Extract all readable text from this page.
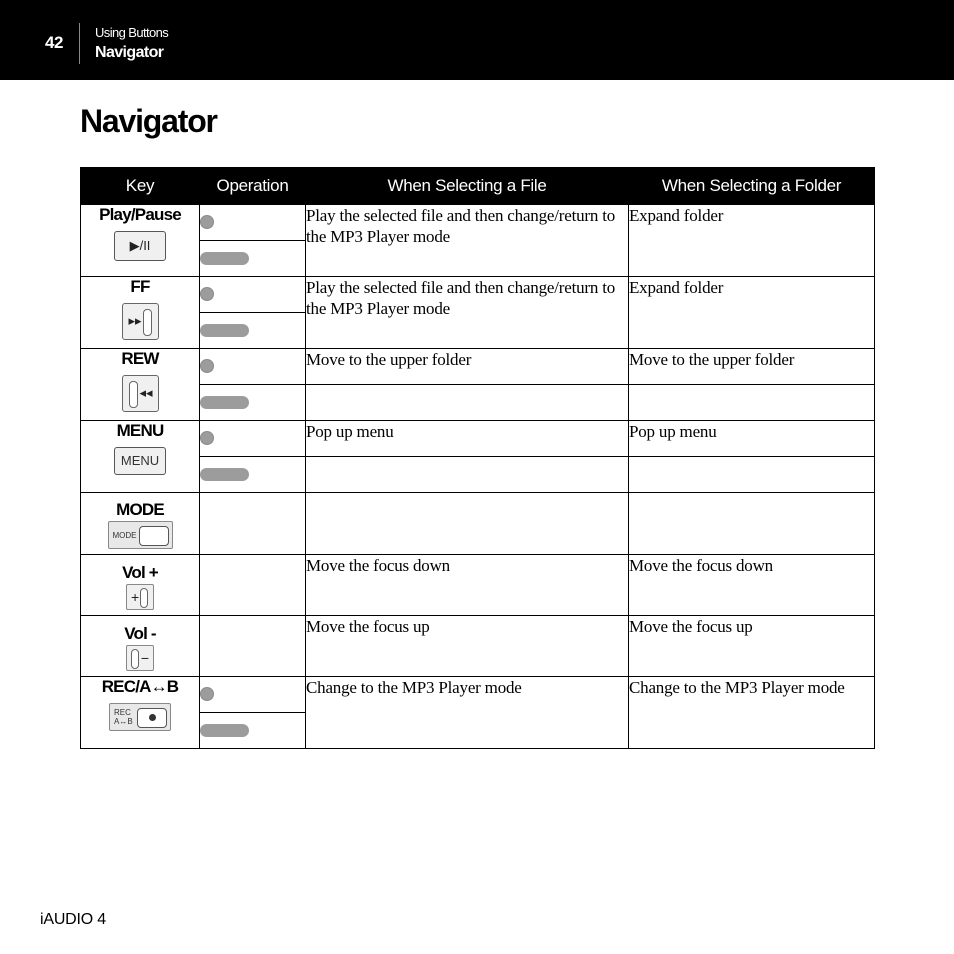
42
Using Buttons
Navigator
Navigator
Key	Operation	When Selecting a File	When Selecting a Folder

Play/Pause
▶/II		Play the selected file and then change/return to the MP3 Player mode	Expand folder

FF
▸▸		Play the selected file and then change/return to the MP3 Player mode	Expand folder

REW
◂◂		Move to the upper folder	Move to the upper folder

MENU
MENU		Pop up menu	Pop up menu

MODE
MODE			

Vol +
+		Move the focus down	Move the focus down

Vol -
−		Move the focus up	Move the focus up

REC/A↔B
REC
A↔B		Change to the MP3 Player mode	Change to the MP3 Player mode

iAUDIO 4
